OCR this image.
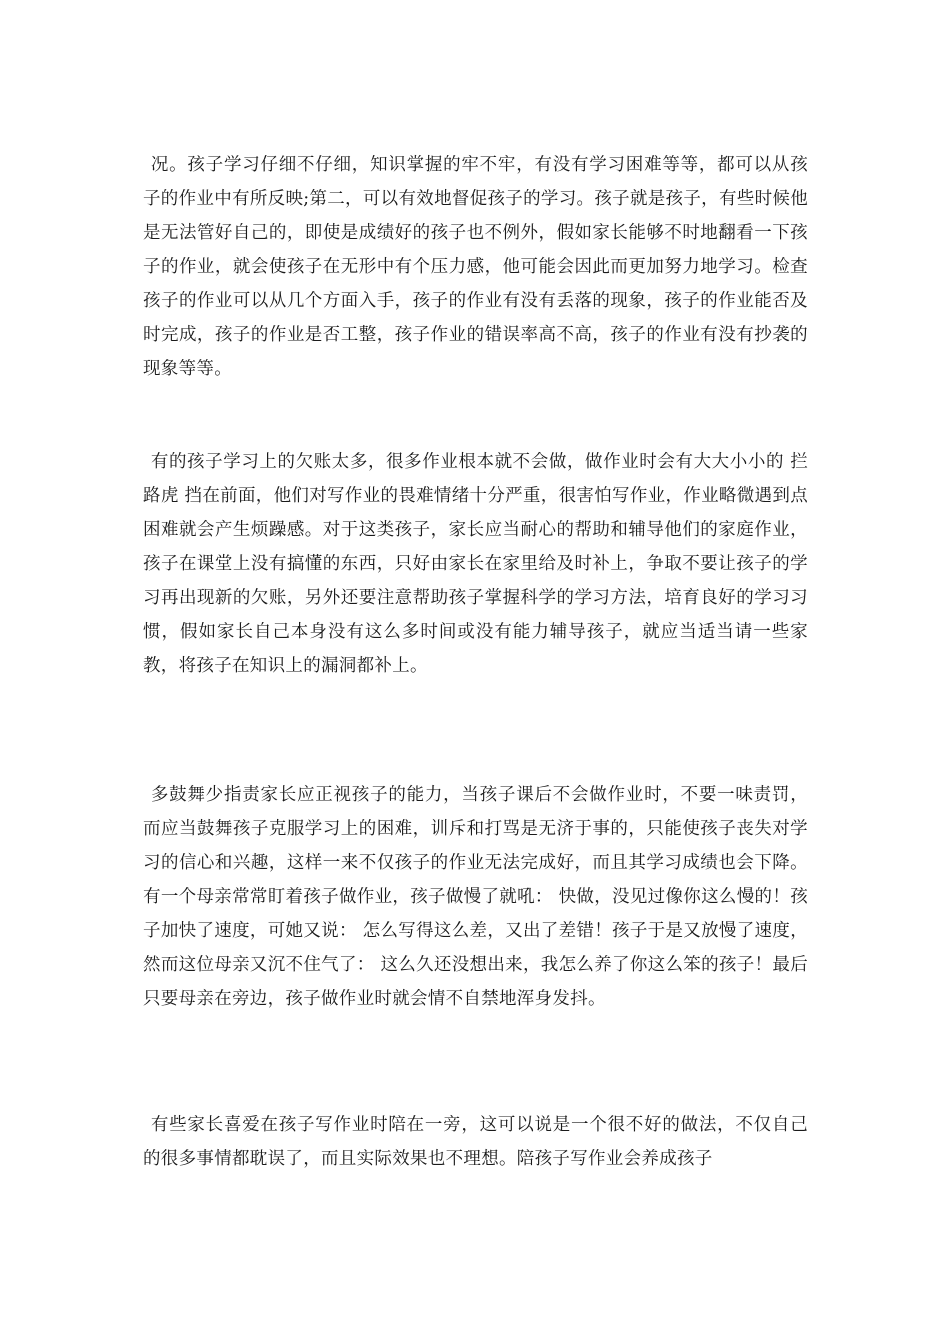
况。孩子学习仔细不仔细，知识掌握的牢不牢，有没有学习困难等等，都可以从孩子的作业中有所反映;第二，可以有效地督促孩子的学习。孩子就是孩子，有些时候他是无法管好自己的，即使是成绩好的孩子也不例外，假如家长能够不时地翻看一下孩子的作业，就会使孩子在无形中有个压力感，他可能会因此而更加努力地学习。检查孩子的作业可以从几个方面入手，孩子的作业有没有丢落的现象，孩子的作业能否及时完成，孩子的作业是否工整，孩子作业的错误率高不高，孩子的作业有没有抄袭的现象等等。

有的孩子学习上的欠账太多，很多作业根本就不会做，做作业时会有大大小小的 拦路虎 挡在前面，他们对写作业的畏难情绪十分严重，很害怕写作业，作业略微遇到点困难就会产生烦躁感。对于这类孩子，家长应当耐心的帮助和辅导他们的家庭作业，孩子在课堂上没有搞懂的东西，只好由家长在家里给及时补上，争取不要让孩子的学习再出现新的欠账，另外还要注意帮助孩子掌握科学的学习方法，培育良好的学习习惯，假如家长自己本身没有这么多时间或没有能力辅导孩子，就应当适当请一些家教，将孩子在知识上的漏洞都补上。

多鼓舞少指责家长应正视孩子的能力，当孩子课后不会做作业时，不要一味责罚，而应当鼓舞孩子克服学习上的困难，训斥和打骂是无济于事的，只能使孩子丧失对学习的信心和兴趣，这样一来不仅孩子的作业无法完成好，而且其学习成绩也会下降。有一个母亲常常盯着孩子做作业，孩子做慢了就吼： 快做，没见过像你这么慢的！孩子加快了速度，可她又说： 怎么写得这么差，又出了差错！孩子于是又放慢了速度，然而这位母亲又沉不住气了： 这么久还没想出来，我怎么养了你这么笨的孩子！最后只要母亲在旁边，孩子做作业时就会情不自禁地浑身发抖。

有些家长喜爱在孩子写作业时陪在一旁，这可以说是一个很不好的做法，不仅自己的很多事情都耽误了，而且实际效果也不理想。陪孩子写作业会养成孩子
